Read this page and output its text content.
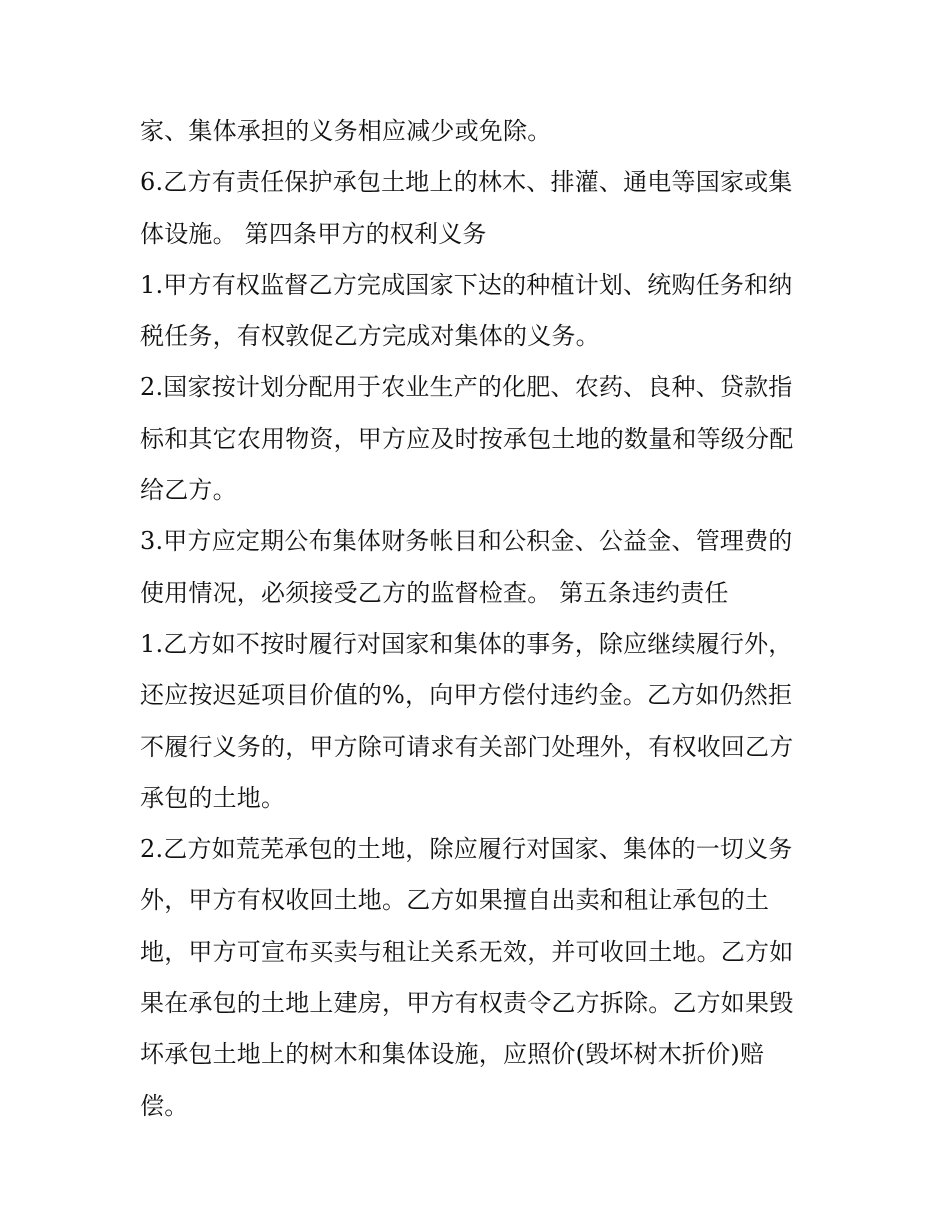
家、集体承担的义务相应减少或免除。
6.乙方有责任保护承包土地上的林木、排灌、通电等国家或集
体设施。 第四条甲方的权利义务
1.甲方有权监督乙方完成国家下达的种植计划、统购任务和纳
税任务，有权敦促乙方完成对集体的义务。
2.国家按计划分配用于农业生产的化肥、农药、良种、贷款指
标和其它农用物资，甲方应及时按承包土地的数量和等级分配
给乙方。
3.甲方应定期公布集体财务帐目和公积金、公益金、管理费的
使用情况，必须接受乙方的监督检查。 第五条违约责任
1.乙方如不按时履行对国家和集体的事务，除应继续履行外，
还应按迟延项目价值的%，向甲方偿付违约金。乙方如仍然拒
不履行义务的，甲方除可请求有关部门处理外，有权收回乙方
承包的土地。
2.乙方如荒芜承包的土地，除应履行对国家、集体的一切义务
外，甲方有权收回土地。乙方如果擅自出卖和租让承包的土
地，甲方可宣布买卖与租让关系无效，并可收回土地。乙方如
果在承包的土地上建房，甲方有权责令乙方拆除。乙方如果毁
坏承包土地上的树木和集体设施，应照价(毁坏树木折价)赔
偿。
